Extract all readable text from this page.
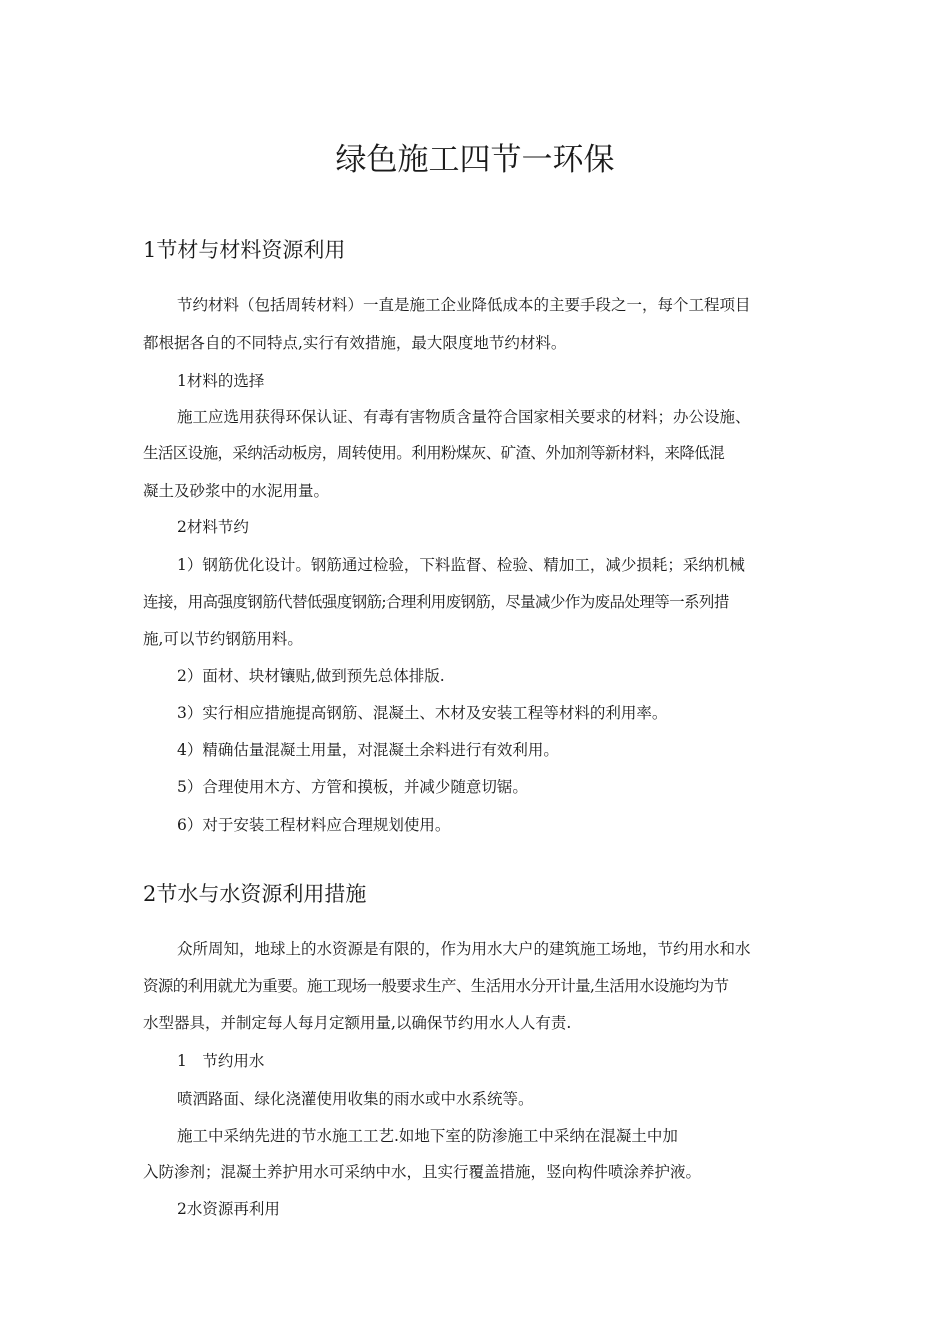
绿色施工四节一环保
1节材与材料资源利用
节约材料（包括周转材料）一直是施工企业降低成本的主要手段之一，每个工程项目
都根据各自的不同特点,实行有效措施，最大限度地节约材料。
1材料的选择
施工应选用获得环保认证、有毒有害物质含量符合国家相关要求的材料；办公设施、
生活区设施，采纳活动板房，周转使用。利用粉煤灰、矿渣、外加剂等新材料，来降低混
凝土及砂浆中的水泥用量。
2材料节约
1）钢筋优化设计。钢筋通过检验，下料监督、检验、精加工，减少损耗；采纳机械
连接，用高强度钢筋代替低强度钢筋;合理利用废钢筋，尽量减少作为废品处理等一系列措
施,可以节约钢筋用料。
2）面材、块材镶贴,做到预先总体排版.
3）实行相应措施提高钢筋、混凝土、木材及安装工程等材料的利用率。
4）精确估量混凝土用量，对混凝土余料进行有效利用。
5）合理使用木方、方管和摸板，并减少随意切锯。
6）对于安装工程材料应合理规划使用。
2节水与水资源利用措施
众所周知，地球上的水资源是有限的，作为用水大户的建筑施工场地，节约用水和水
资源的利用就尤为重要。施工现场一般要求生产、生活用水分开计量,生活用水设施均为节
水型器具，并制定每人每月定额用量,以确保节约用水人人有责.
1　节约用水
喷洒路面、绿化浇灌使用收集的雨水或中水系统等。
施工中采纳先进的节水施工工艺.如地下室的防渗施工中采纳在混凝土中加
入防渗剂；混凝土养护用水可采纳中水，且实行覆盖措施，竖向构件喷涂养护液。
2水资源再利用
